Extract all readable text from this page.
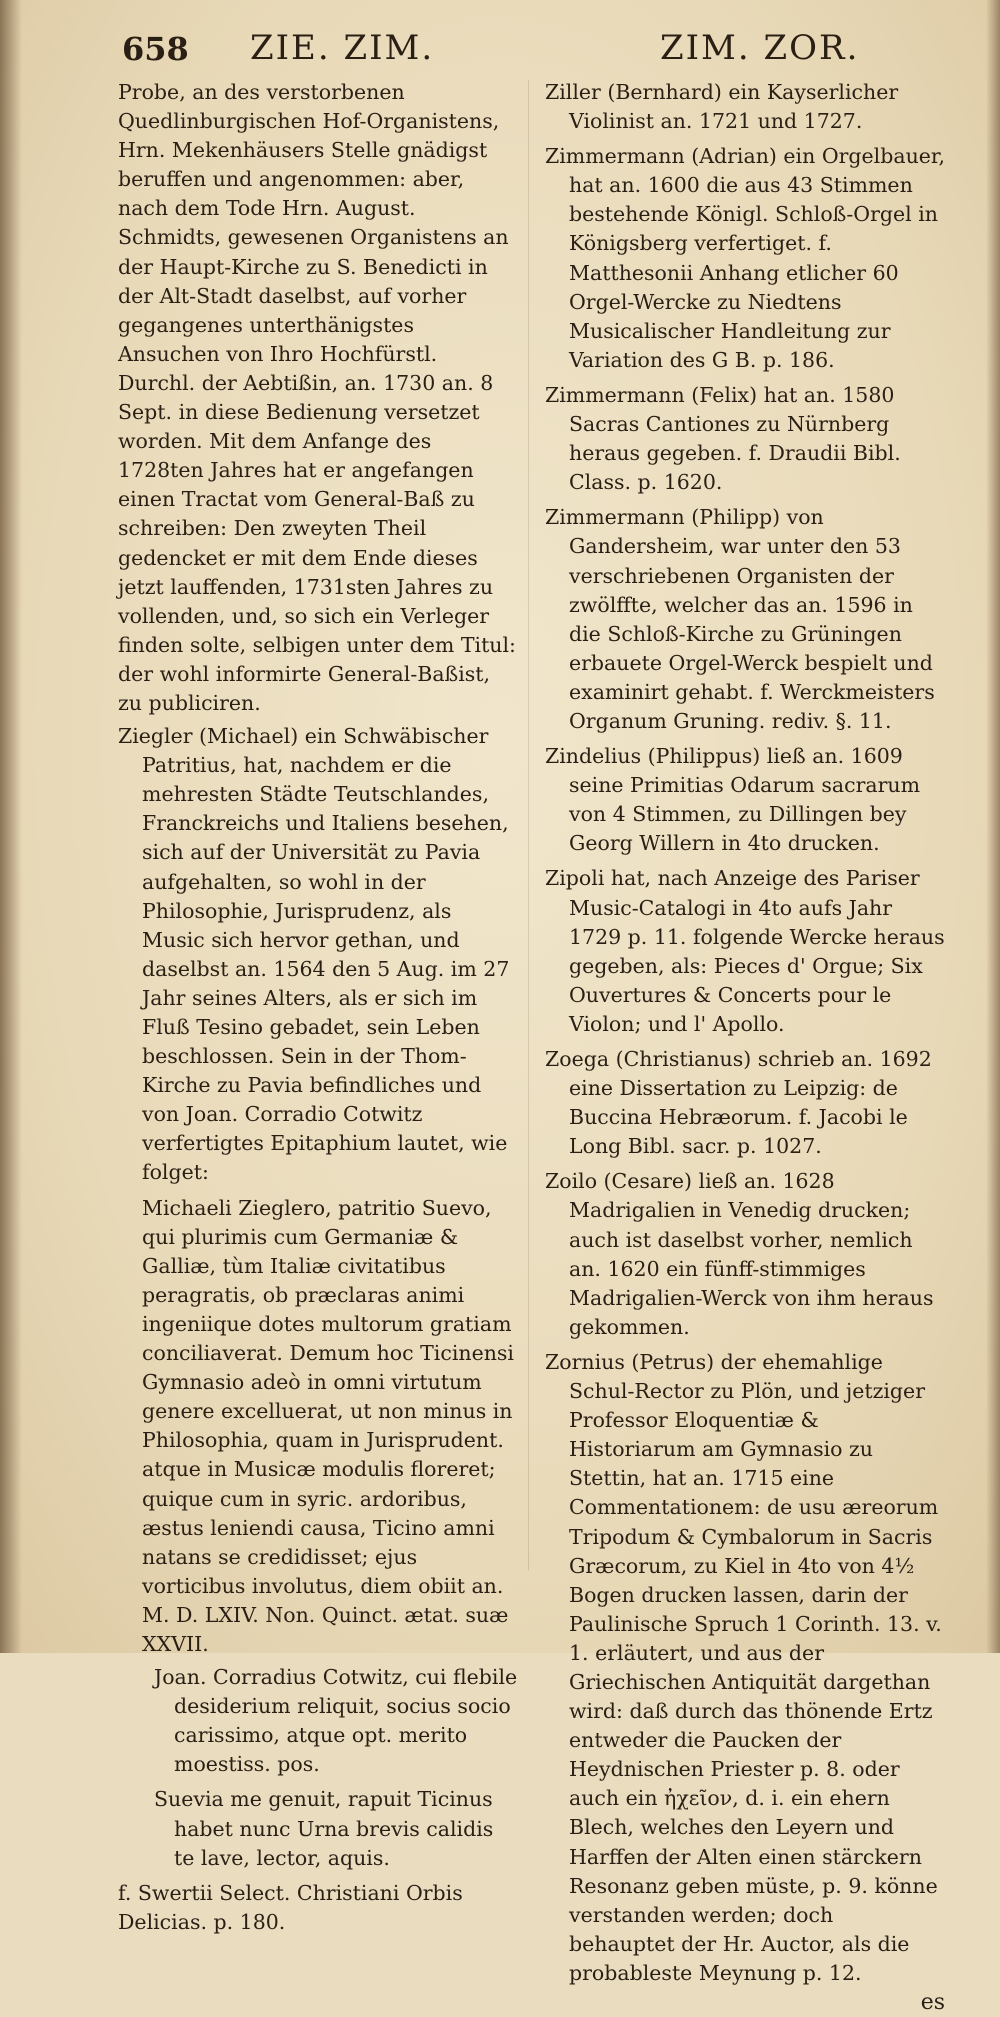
658 ZIE. ZIM.	ZIM. ZOR.

Probe, an des verstorbenen Quedlinburgischen Hof-Organistens, Hrn. Mekenhäusers Stelle gnädigst beruffen und angenommen: aber, nach dem Tode Hrn. August. Schmidts, gewesenen Organistens an der Haupt-Kirche zu S. Benedicti in der Alt-Stadt daselbst, auf vorher gegangenes unterthänigstes Ansuchen von Ihro Hochfürstl. Durchl. der Aebtißin, an. 1730 an. 8 Sept. in diese Bedienung versetzet worden. Mit dem Anfange des 1728ten Jahres hat er angefangen einen Tractat vom General-Baß zu schreiben: Den zweyten Theil gedencket er mit dem Ende dieses jetzt lauffenden, 1731sten Jahres zu vollenden, und, so sich ein Verleger finden solte, selbigen unter dem Titul: der wohl informirte General-Baßist, zu publiciren.

Ziegler (Michael) ein Schwäbischer Patritius, hat, nachdem er die mehresten Städte Teutschlandes, Franckreichs und Italiens besehen, sich auf der Universität zu Pavia aufgehalten, so wohl in der Philosophie, Jurisprudenz, als Music sich hervor gethan, und daselbst an. 1564 den 5 Aug. im 27 Jahr seines Alters, als er sich im Fluß Tesino gebadet, sein Leben beschlossen. Sein in der Thom-Kirche zu Pavia befindliches und von Joan. Corradio Cotwitz verfertigtes Epitaphium lautet, wie folget:

Michaeli Zieglero, patritio Suevo, qui plurimis cum Germaniæ & Galliæ, tùm Italiæ civitatibus peragratis, ob præclaras animi ingeniique dotes multorum gratiam conciliaverat. Demum hoc Ticinensi Gymnasio adeò in omni virtutum genere excelluerat, ut non minus in Philosophia, quam in Jurisprudent. atque in Musicæ modulis floreret; quique cum in syric. ardoribus, æstus leniendi causa, Ticino amni natans se credidisset; ejus vorticibus involutus, diem obiit an. M. D. LXIV. Non. Quinct. ætat. suæ XXVII.

Joan. Corradius Cotwitz, cui flebile desiderium reliquit, socius socio carissimo, atque opt. merito moestiss. pos.

Suevia me genuit, rapuit Ticinus habet nunc Urna brevis calidis te lave, lector, aquis.

f. Swertii Select. Christiani Orbis Delicias. p. 180.

Ziller (Bernhard) ein Kayserlicher Violinist an. 1721 und 1727.

Zimmermann (Adrian) ein Orgelbauer, hat an. 1600 die aus 43 Stimmen bestehende Königl. Schloß-Orgel in Königsberg verfertiget. f. Matthesonii Anhang etlicher 60 Orgel-Wercke zu Niedtens Musicalischer Handleitung zur Variation des G B. p. 186.

Zimmermann (Felix) hat an. 1580 Sacras Cantiones zu Nürnberg heraus gegeben. f. Draudii Bibl. Class. p. 1620.

Zimmermann (Philipp) von Gandersheim, war unter den 53 verschriebenen Organisten der zwölffte, welcher das an. 1596 in die Schloß-Kirche zu Grüningen erbauete Orgel-Werck bespielt und examinirt gehabt. f. Werckmeisters Organum Gruning. rediv. §. 11.

Zindelius (Philippus) ließ an. 1609 seine Primitias Odarum sacrarum von 4 Stimmen, zu Dillingen bey Georg Willern in 4to drucken.

Zipoli hat, nach Anzeige des Pariser Music-Catalogi in 4to aufs Jahr 1729 p. 11. folgende Wercke heraus gegeben, als: Pieces d' Orgue; Six Ouvertures & Concerts pour le Violon; und l' Apollo.

Zoega (Christianus) schrieb an. 1692 eine Dissertation zu Leipzig: de Buccina Hebræorum. f. Jacobi le Long Bibl. sacr. p. 1027.

Zoilo (Cesare) ließ an. 1628 Madrigalien in Venedig drucken; auch ist daselbst vorher, nemlich an. 1620 ein fünff-stimmiges Madrigalien-Werck von ihm heraus gekommen.

Zornius (Petrus) der ehemahlige Schul-Rector zu Plön, und jetziger Professor Eloquentiæ & Historiarum am Gymnasio zu Stettin, hat an. 1715 eine Commentationem: de usu æreorum Tripodum & Cymbalorum in Sacris Græcorum, zu Kiel in 4to von 4½ Bogen drucken lassen, darin der Paulinische Spruch 1 Corinth. 13. v. 1. erläutert, und aus der Griechischen Antiquität dargethan wird: daß durch das thönende Ertz entweder die Paucken der Heydnischen Priester p. 8. oder auch ein ἠχεῖον, d. i. ein ehern Blech, welches den Leyern und Harffen der Alten einen stärckern Resonanz geben müste, p. 9. könne verstanden werden; doch behauptet der Hr. Auctor, als die probableste Meynung p. 12.

es
